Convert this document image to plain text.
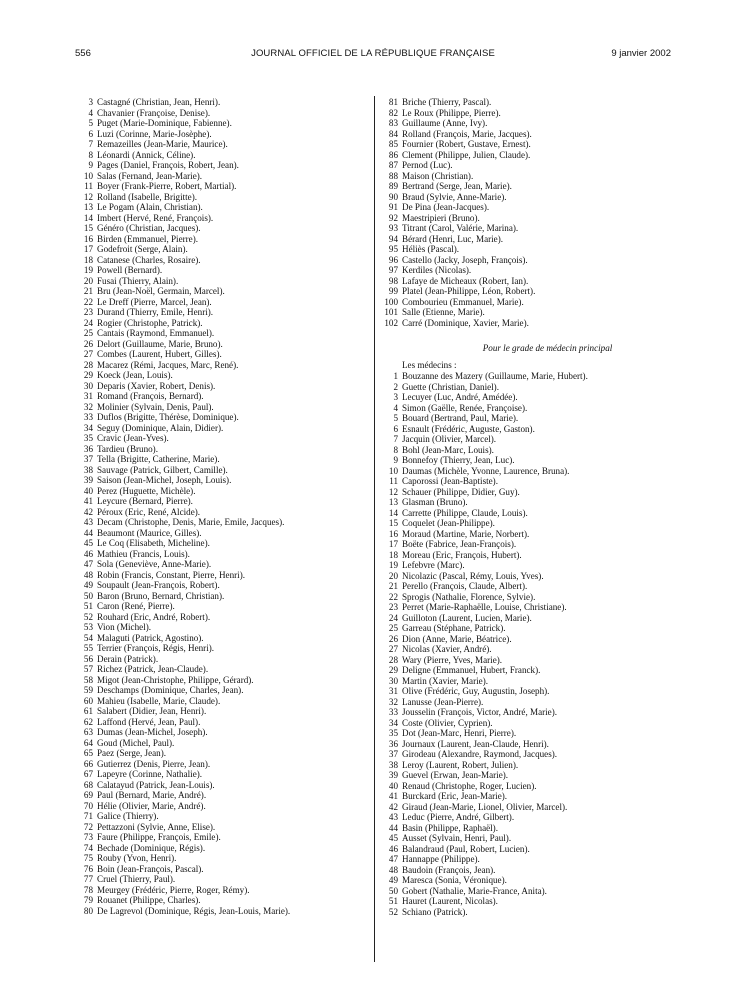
556	JOURNAL OFFICIEL DE LA RÉPUBLIQUE FRANÇAISE	9 janvier 2002
3 Castagné (Christian, Jean, Henri).
4 Chavanier (Françoise, Denise).
5 Puget (Marie-Dominique, Fabienne).
6 Luzi (Corinne, Marie-Josèphe).
7 Remazeilles (Jean-Marie, Maurice).
8 Léonardi (Annick, Céline).
9 Pages (Daniel, François, Robert, Jean).
10 Salas (Fernand, Jean-Marie).
11 Boyer (Frank-Pierre, Robert, Martial).
12 Rolland (Isabelle, Brigitte).
13 Le Pogam (Alain, Christian).
14 Imbert (Hervé, René, François).
15 Généro (Christian, Jacques).
16 Birden (Emmanuel, Pierre).
17 Godefroit (Serge, Alain).
18 Catanese (Charles, Rosaire).
19 Powell (Bernard).
20 Fusai (Thierry, Alain).
21 Bru (Jean-Noël, Germain, Marcel).
22 Le Dreff (Pierre, Marcel, Jean).
23 Durand (Thierry, Emile, Henri).
24 Rogier (Christophe, Patrick).
25 Cantais (Raymond, Emmanuel).
26 Delort (Guillaume, Marie, Bruno).
27 Combes (Laurent, Hubert, Gilles).
28 Macarez (Rémi, Jacques, Marc, René).
29 Koeck (Jean, Louis).
30 Deparis (Xavier, Robert, Denis).
31 Romand (François, Bernard).
32 Molinier (Sylvain, Denis, Paul).
33 Duflos (Brigitte, Thérèse, Dominique).
34 Seguy (Dominique, Alain, Didier).
35 Cravic (Jean-Yves).
36 Tardieu (Bruno).
37 Tella (Brigitte, Catherine, Marie).
38 Sauvage (Patrick, Gilbert, Camille).
39 Saison (Jean-Michel, Joseph, Louis).
40 Perez (Huguette, Michèle).
41 Leycure (Bernard, Pierre).
42 Péroux (Eric, René, Alcide).
43 Decam (Christophe, Denis, Marie, Emile, Jacques).
44 Beaumont (Maurice, Gilles).
45 Le Coq (Elisabeth, Micheline).
46 Mathieu (Francis, Louis).
47 Sola (Geneviève, Anne-Marie).
48 Robin (Francis, Constant, Pierre, Henri).
49 Soupault (Jean-François, Robert).
50 Baron (Bruno, Bernard, Christian).
51 Caron (René, Pierre).
52 Rouhard (Eric, André, Robert).
53 Vion (Michel).
54 Malaguti (Patrick, Agostino).
55 Terrier (François, Régis, Henri).
56 Derain (Patrick).
57 Richez (Patrick, Jean-Claude).
58 Migot (Jean-Christophe, Philippe, Gérard).
59 Deschamps (Dominique, Charles, Jean).
60 Mahieu (Isabelle, Marie, Claude).
61 Salabert (Didier, Jean, Henri).
62 Laffond (Hervé, Jean, Paul).
63 Dumas (Jean-Michel, Joseph).
64 Goud (Michel, Paul).
65 Paez (Serge, Jean).
66 Gutierrez (Denis, Pierre, Jean).
67 Lapeyre (Corinne, Nathalie).
68 Calatayud (Patrick, Jean-Louis).
69 Paul (Bernard, Marie, André).
70 Hélie (Olivier, Marie, André).
71 Galice (Thierry).
72 Pettazzoni (Sylvie, Anne, Elise).
73 Faure (Philippe, François, Emile).
74 Bechade (Dominique, Régis).
75 Rouby (Yvon, Henri).
76 Boin (Jean-François, Pascal).
77 Cruel (Thierry, Paul).
78 Meurgey (Frédéric, Pierre, Roger, Rémy).
79 Rouanet (Philippe, Charles).
80 De Lagrevol (Dominique, Régis, Jean-Louis, Marie).
81 Briche (Thierry, Pascal).
82 Le Roux (Philippe, Pierre).
83 Guillaume (Anne, Ivy).
84 Rolland (François, Marie, Jacques).
85 Fournier (Robert, Gustave, Ernest).
86 Clement (Philippe, Julien, Claude).
87 Pernod (Luc).
88 Maison (Christian).
89 Bertrand (Serge, Jean, Marie).
90 Braud (Sylvie, Anne-Marie).
91 De Pina (Jean-Jacques).
92 Maestripieri (Bruno).
93 Titrant (Carol, Valérie, Marina).
94 Bérard (Henri, Luc, Marie).
95 Héliès (Pascal).
96 Castello (Jacky, Joseph, François).
97 Kerdiles (Nicolas).
98 Lafaye de Micheaux (Robert, Ian).
99 Platel (Jean-Philippe, Léon, Robert).
100 Combourieu (Emmanuel, Marie).
101 Salle (Etienne, Marie).
102 Carré (Dominique, Xavier, Marie).
Pour le grade de médecin principal
Les médecins :
1 Bouzanne des Mazery (Guillaume, Marie, Hubert).
2 Guette (Christian, Daniel).
3 Lecuyer (Luc, André, Amédée).
4 Simon (Gaëlle, Renée, Françoise).
5 Bouard (Bertrand, Paul, Marie).
6 Esnault (Frédéric, Auguste, Gaston).
7 Jacquin (Olivier, Marcel).
8 Bohl (Jean-Marc, Louis).
9 Bonnefoy (Thierry, Jean, Luc).
10 Daumas (Michèle, Yvonne, Laurence, Bruna).
11 Caporossi (Jean-Baptiste).
12 Schauer (Philippe, Didier, Guy).
13 Glasman (Bruno).
14 Carrette (Philippe, Claude, Louis).
15 Coquelet (Jean-Philippe).
16 Moraud (Martine, Marie, Norbert).
17 Boëte (Fabrice, Jean-François).
18 Moreau (Eric, François, Hubert).
19 Lefebvre (Marc).
20 Nicolazic (Pascal, Rémy, Louis, Yves).
21 Perello (François, Claude, Albert).
22 Sprogis (Nathalie, Florence, Sylvie).
23 Perret (Marie-Raphaëlle, Louise, Christiane).
24 Guilloton (Laurent, Lucien, Marie).
25 Garreau (Stéphane, Patrick).
26 Dion (Anne, Marie, Béatrice).
27 Nicolas (Xavier, André).
28 Wary (Pierre, Yves, Marie).
29 Deligne (Emmanuel, Hubert, Franck).
30 Martin (Xavier, Marie).
31 Olive (Frédéric, Guy, Augustin, Joseph).
32 Lanusse (Jean-Pierre).
33 Jousselin (François, Victor, André, Marie).
34 Coste (Olivier, Cyprien).
35 Dot (Jean-Marc, Henri, Pierre).
36 Journaux (Laurent, Jean-Claude, Henri).
37 Girodeau (Alexandre, Raymond, Jacques).
38 Leroy (Laurent, Robert, Julien).
39 Guevel (Erwan, Jean-Marie).
40 Renaud (Christophe, Roger, Lucien).
41 Burckard (Eric, Jean-Marie).
42 Giraud (Jean-Marie, Lionel, Olivier, Marcel).
43 Leduc (Pierre, André, Gilbert).
44 Basin (Philippe, Raphaël).
45 Ausset (Sylvain, Henri, Paul).
46 Balandraud (Paul, Robert, Lucien).
47 Hannappe (Philippe).
48 Baudoin (François, Jean).
49 Maresca (Sonia, Véronique).
50 Gobert (Nathalie, Marie-France, Anita).
51 Hauret (Laurent, Nicolas).
52 Schiano (Patrick).
